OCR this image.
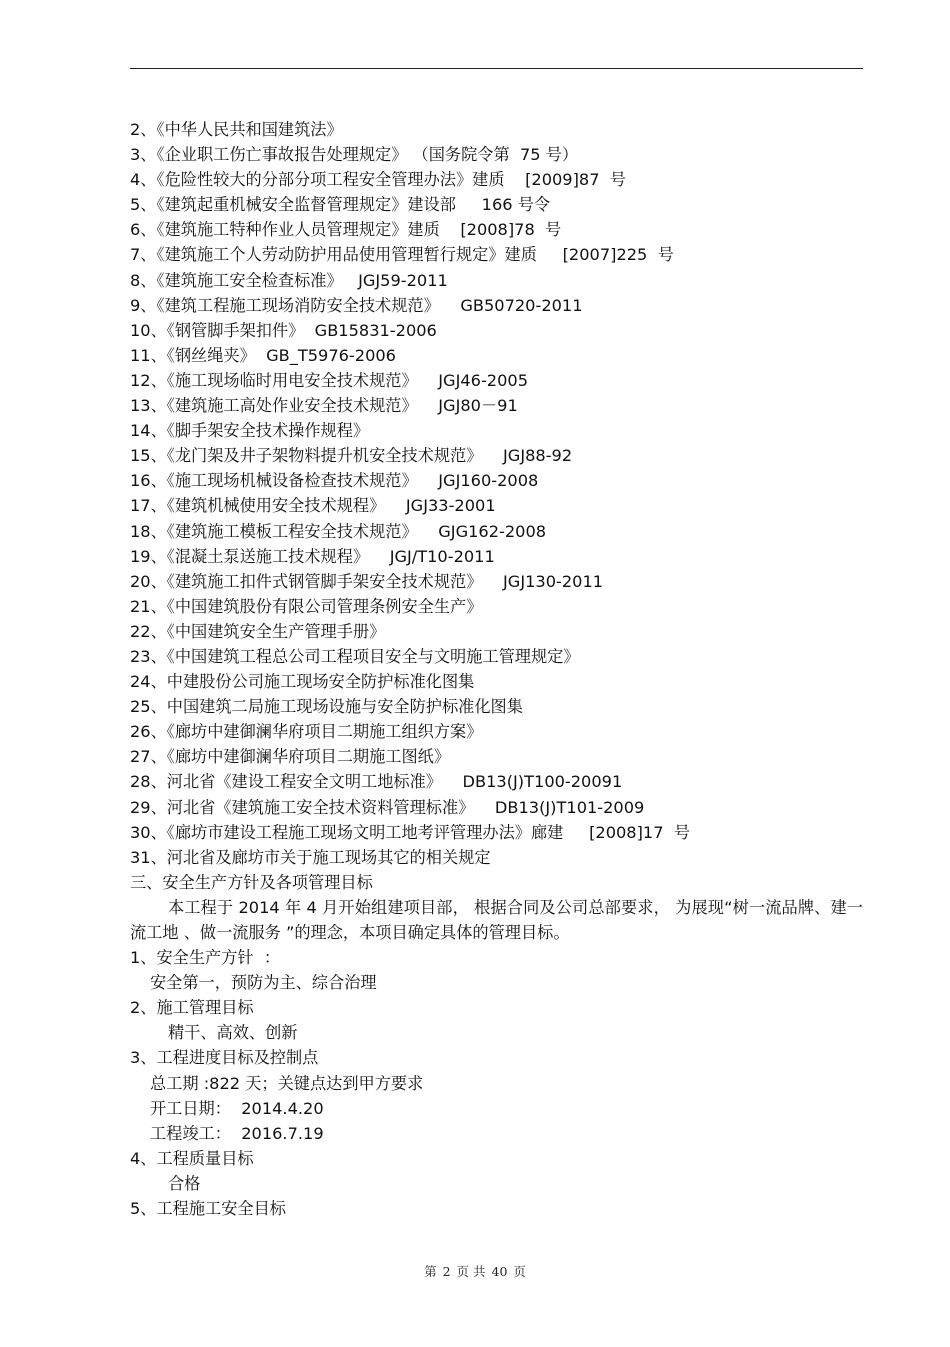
2、《中华人民共和国建筑法》
3、《企业职工伤亡事故报告处理规定》 （国务院令第  75 号）
4、《危险性较大的分部分项工程安全管理办法》建质    [2009]87  号
5、《建筑起重机械安全监督管理规定》建设部     166 号令
6、《建筑施工特种作业人员管理规定》建质    [2008]78  号
7、《建筑施工个人劳动防护用品使用管理暂行规定》建质     [2007]225  号
8、《建筑施工安全检查标准》   JGJ59-2011
9、《建筑工程施工现场消防安全技术规范》    GB50720-2011
10、《钢管脚手架扣件》  GB15831-2006
11、《钢丝绳夹》  GB_T5976-2006
12、《施工现场临时用电安全技术规范》    JGJ46-2005
13、《建筑施工高处作业安全技术规范》    JGJ80－91
14、《脚手架安全技术操作规程》
15、《龙门架及井子架物料提升机安全技术规范》    JGJ88-92
16、《施工现场机械设备检查技术规范》    JGJ160-2008
17、《建筑机械使用安全技术规程》    JGJ33-2001
18、《建筑施工模板工程安全技术规范》    GJG162-2008
19、《混凝土泵送施工技术规程》    JGJ/T10-2011
20、《建筑施工扣件式钢管脚手架安全技术规范》    JGJ130-2011
21、《中国建筑股份有限公司管理条例安全生产》
22、《中国建筑安全生产管理手册》
23、《中国建筑工程总公司工程项目安全与文明施工管理规定》
24、中建股份公司施工现场安全防护标准化图集
25、中国建筑二局施工现场设施与安全防护标准化图集
26、《廊坊中建御澜华府项目二期施工组织方案》
27、《廊坊中建御澜华府项目二期施工图纸》
28、河北省《建设工程安全文明工地标准》    DB13(J)T100-20091
29、河北省《建筑施工安全技术资料管理标准》    DB13(J)T101-2009
30、《廊坊市建设工程施工现场文明工地考评管理办法》廊建     [2008]17  号
31、河北省及廊坊市关于施工现场其它的相关规定
三、安全生产方针及各项管理目标
本工程于 2014 年 4 月开始组建项目部， 根据合同及公司总部要求， 为展现“树一流品牌、建一流工地 、做一流服务 ”的理念，本项目确定具体的管理目标。
1、安全生产方针  ：
安全第一，预防为主、综合治理
2、施工管理目标
精干、高效、创新
3、工程进度目标及控制点
总工期 :822 天；关键点达到甲方要求
开工日期：  2014.4.20
工程竣工：  2016.7.19
4、工程质量目标
合格
5、工程施工安全目标
第 2 页 共 40 页
